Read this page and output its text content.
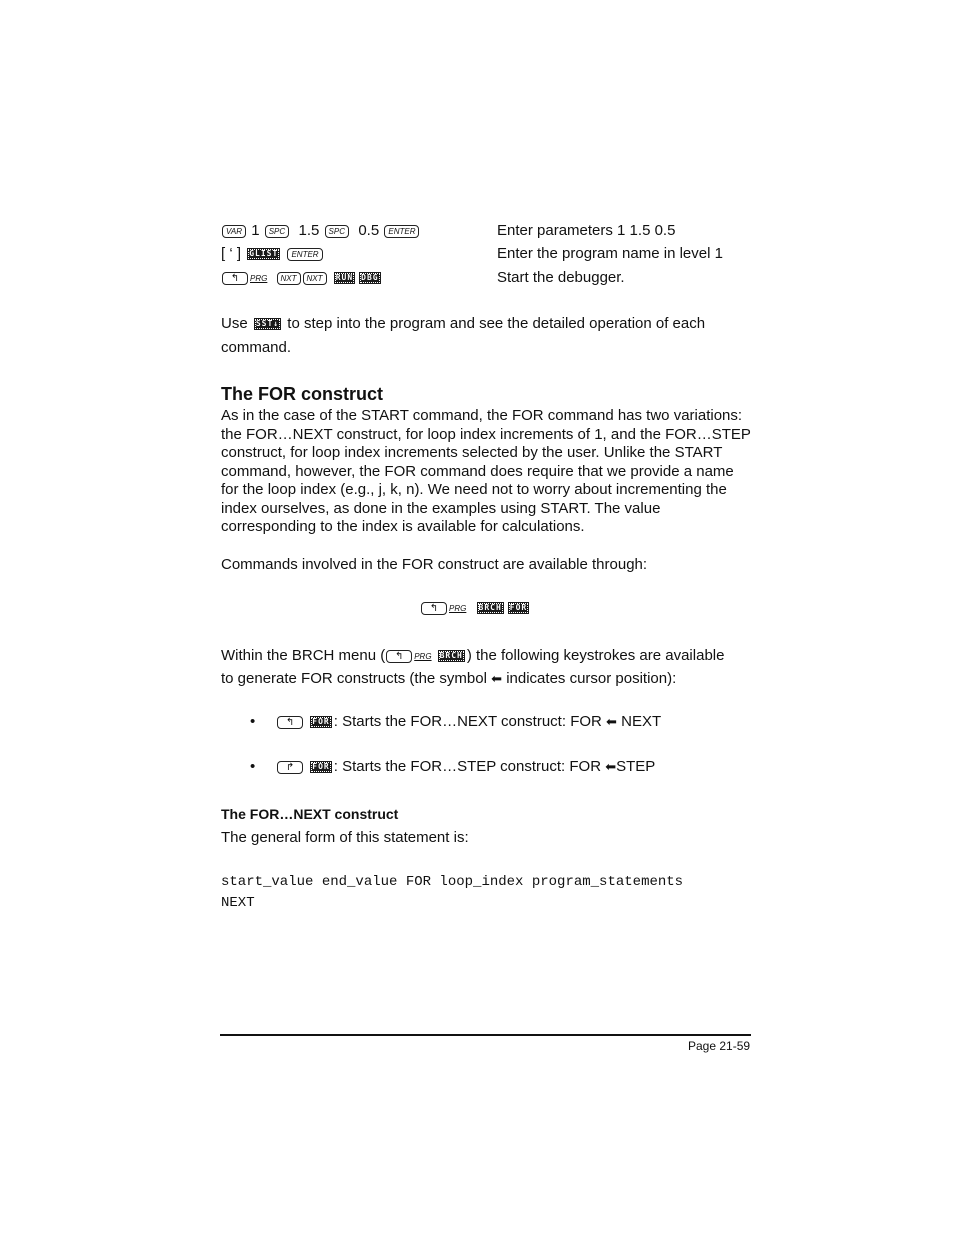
VAR 1 SPC 1.5 SPC 0.5 ENTER	Enter parameters 1 1.5 0.5
[ ‘ ] GLIST ENTER	Enter the program name in level 1
↰ PRG NXT NXT RUN DBG	Start the debugger.
Use SST↓ to step into the program and see the detailed operation of each
command.
The FOR construct
As in the case of the START command, the FOR command has two variations:
the FOR…NEXT construct, for loop index increments of 1, and the FOR…STEP
construct, for loop index increments selected by the user. Unlike the START
command, however, the FOR command does require that we provide a name
for the loop index (e.g., j, k, n). We need not to worry about incrementing the
index ourselves, as done in the examples using START. The value
corresponding to the index is available for calculations.
Commands involved in the FOR construct are available through:
↰ PRG BRCH FOR
Within the BRCH menu ( ↰ PRG BRCH ) the following keystrokes are available
to generate FOR constructs (the symbol ⬅ indicates cursor position):
•	↰ FOR : Starts the FOR…NEXT construct: FOR ⬅ NEXT
•	↱ FOR : Starts the FOR…STEP construct: FOR ⬅STEP
The FOR…NEXT construct
The general form of this statement is:
start_value end_value FOR loop_index program_statements
NEXT
Page 21-59
